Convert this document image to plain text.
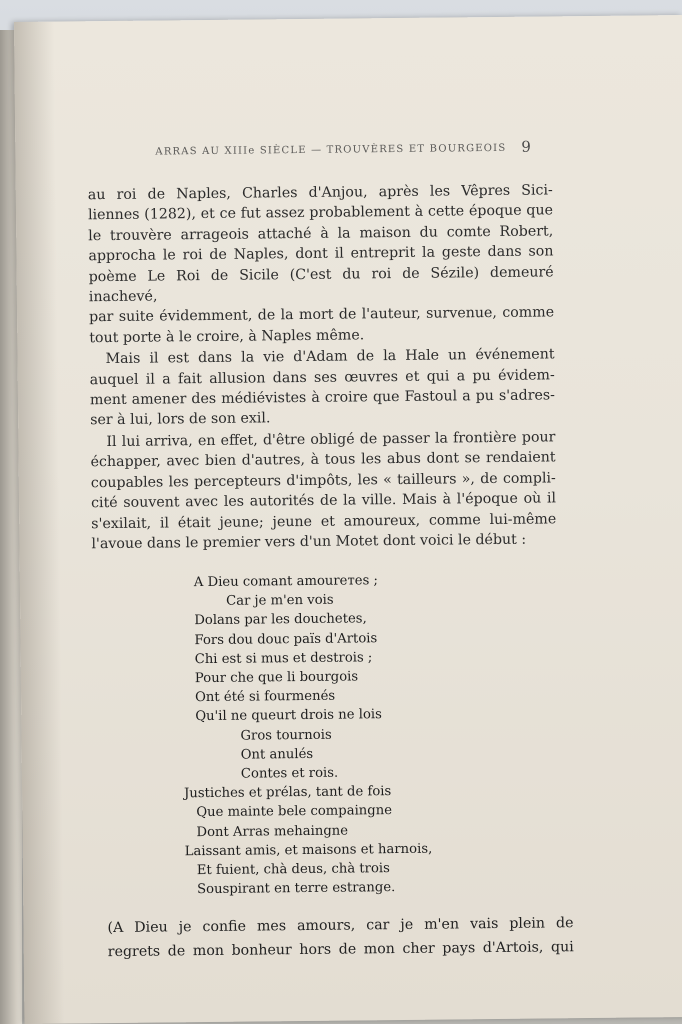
ARRAS AU XIIIe SIÈCLE — TROUVÈRES ET BOURGEOIS 9

au roi de Naples, Charles d'Anjou, après les Vêpres Sici-
liennes (1282), et ce fut assez probablement à cette époque que
le trouvère arrageois attaché à la maison du comte Robert,
approcha le roi de Naples, dont il entreprit la geste dans son
poème Le Roi de Sicile (C'est du roi de Sézile) demeuré inachevé,
par suite évidemment, de la mort de l'auteur, survenue, comme
tout porte à le croire, à Naples même.

Mais il est dans la vie d'Adam de la Hale un événement
auquel il a fait allusion dans ses œuvres et qui a pu évidem-
ment amener des médiévistes à croire que Fastoul a pu s'adres-
ser à lui, lors de son exil.

Il lui arriva, en effet, d'être obligé de passer la frontière pour
échapper, avec bien d'autres, à tous les abus dont se rendaient
coupables les percepteurs d'impôts, les « tailleurs », de compli-
cité souvent avec les autorités de la ville. Mais à l'époque où il
s'exilait, il était jeune; jeune et amoureux, comme lui-même
l'avoue dans le premier vers d'un Motet dont voici le début :

A Dieu comant amourетes ;
Car je m'en vois
Dolans par les douchetes,
Fors dou douc païs d'Artois
Chi est si mus et destrois ;
Pour che que li bourgois
Ont été si fourmenés
Qu'il ne queurt drois ne lois
Gros tournois
Ont anulés
Contes et rois.
Justiches et prélas, tant de fois
Que mainte bele compaingne
Dont Arras mehaingne
Laissant amis, et maisons et harnois,
Et fuient, chà deus, chà trois
Souspirant en terre estrange.
(A Dieu je confie mes amours, car je m'en vais plein de
regrets de mon bonheur hors de mon cher pays d'Artois, qui
